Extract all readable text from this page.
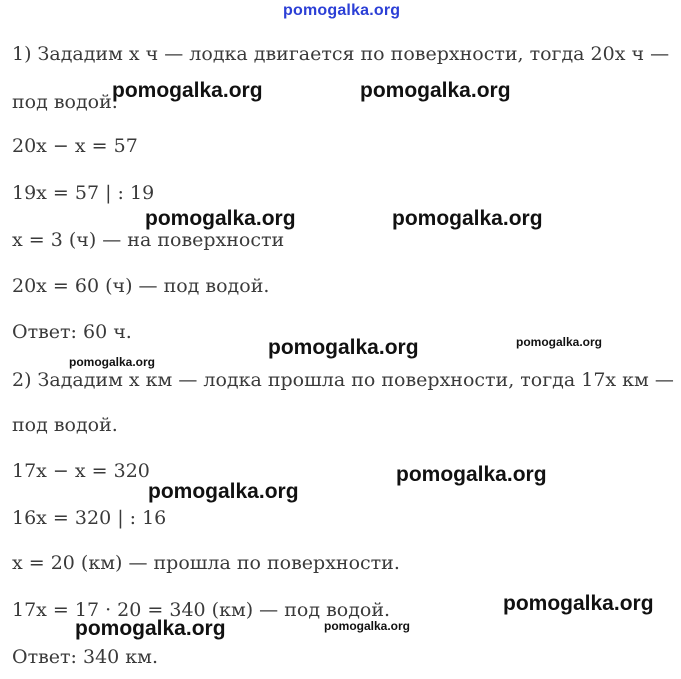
1) Зададим x ч — лодка двигается по поверхности, тогда 20x ч —
под водой.
20x − x = 57
19x = 57 | : 19
x = 3 (ч) — на поверхности
20x = 60 (ч) — под водой.
Ответ: 60 ч.
2) Зададим x км — лодка прошла по поверхности, тогда 17x км —
под водой.
17x − x = 320
16x = 320 | : 16
x = 20 (км) — прошла по поверхности.
17x = 17 · 20 = 340 (км) — под водой.
Ответ: 340 км.
pomogalka.org
pomogalka.org	pomogalka.org
pomogalka.org	pomogalka.org
pomogalka.org	pomogalka.org
pomogalka.org
pomogalka.org
pomogalka.org
pomogalka.org
pomogalka.org	pomogalka.org
